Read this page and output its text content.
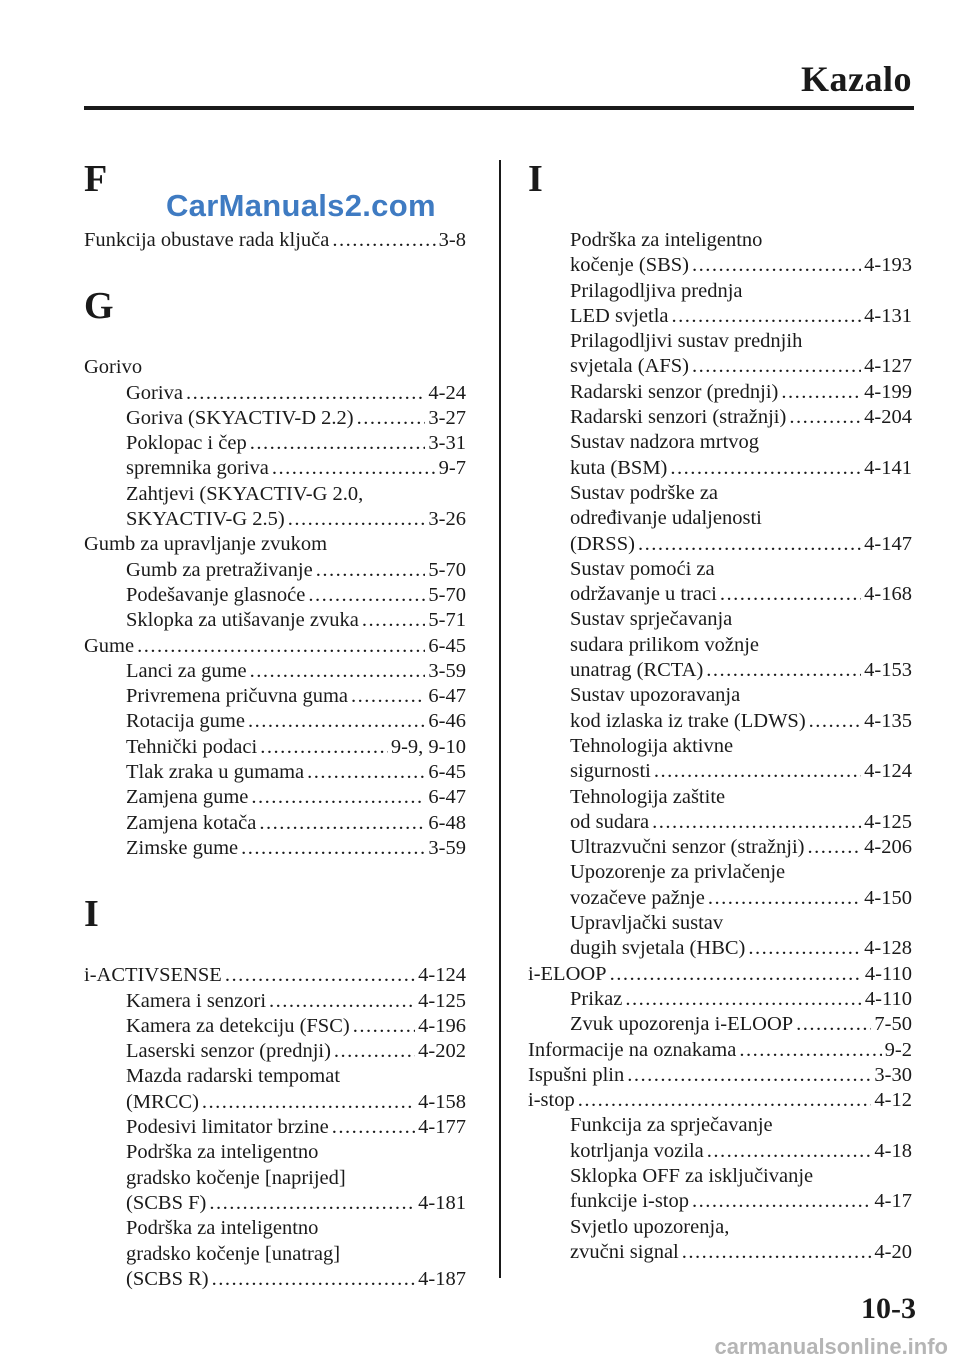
Kazalo
F
Funkcija obustave rada ključa .....	3-8
G
Gorivo
Goriva .....	4-24
Goriva (SKYACTIV-D 2.2) .....	3-27
Poklopac i čep .....	3-31
spremnika goriva .....	9-7
Zahtjevi (SKYACTIV-G 2.0,
SKYACTIV-G 2.5) .....	3-26
Gumb za upravljanje zvukom
Gumb za pretraživanje .....	5-70
Podešavanje glasnoće .....	5-70
Sklopka za utišavanje zvuka .....	5-71
Gume .....	6-45
Lanci za gume .....	3-59
Privremena pričuvna guma .....	6-47
Rotacija gume .....	6-46
Tehnički podaci .....	9-9, 9-10
Tlak zraka u gumama .....	6-45
Zamjena gume .....	6-47
Zamjena kotača .....	6-48
Zimske gume .....	3-59
I
i-ACTIVSENSE .....	4-124
Kamera i senzori .....	4-125
Kamera za detekciju (FSC) .....	4-196
Laserski senzor (prednji) .....	4-202
Mazda radarski tempomat
(MRCC) .....	4-158
Podesivi limitator brzine .....	4-177
Podrška za inteligentno
gradsko kočenje [naprijed]
(SCBS F) .....	4-181
Podrška za inteligentno
gradsko kočenje [unatrag]
(SCBS R) .....	4-187
I
Podrška za inteligentno
kočenje (SBS) .....	4-193
Prilagodljiva prednja
LED svjetla .....	4-131
Prilagodljivi sustav prednjih
svjetala (AFS) .....	4-127
Radarski senzor (prednji) .....	4-199
Radarski senzori (stražnji) .....	4-204
Sustav nadzora mrtvog
kuta (BSM) .....	4-141
Sustav podrške za
određivanje udaljenosti
(DRSS) .....	4-147
Sustav pomoći za
održavanje u traci .....	4-168
Sustav sprječavanja
sudara prilikom vožnje
unatrag (RCTA) .....	4-153
Sustav upozoravanja
kod izlaska iz trake (LDWS) .....	4-135
Tehnologija aktivne
sigurnosti .....	4-124
Tehnologija zaštite
od sudara .....	4-125
Ultrazvučni senzor (stražnji) .....	4-206
Upozorenje za privlačenje
vozačeve pažnje .....	4-150
Upravljački sustav
dugih svjetala (HBC) .....	4-128
i-ELOOP .....	4-110
Prikaz .....	4-110
Zvuk upozorenja i-ELOOP .....	7-50
Informacije na oznakama .....	9-2
Ispušni plin .....	3-30
i-stop .....	4-12
Funkcija za sprječavanje
kotrljanja vozila .....	4-18
Sklopka OFF za isključivanje
funkcije i-stop .....	4-17
Svjetlo upozorenja,
zvučni signal .....	4-20
CarManuals2.com
10-3
carmanualsonline.info
